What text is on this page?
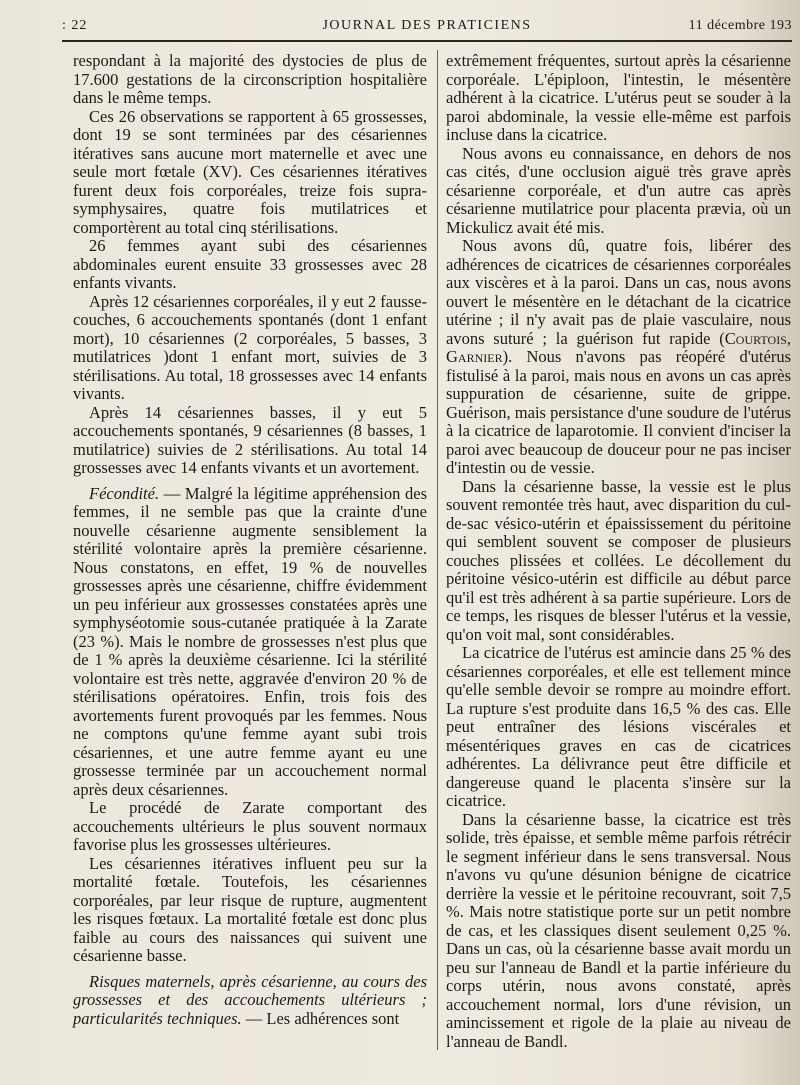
: 22	JOURNAL DES PRATICIENS	11 décembre 193

respondant à la majorité des dystocies de plus de 17.600 gestations de la circonscription hospitalière dans le même temps.

Ces 26 observations se rapportent à 65 grossesses, dont 19 se sont terminées par des césariennes itératives sans aucune mort maternelle et avec une seule mort fœtale (XV). Ces césariennes itératives furent deux fois corporéales, treize fois supra-symphysaires, quatre fois mutilatrices et comportèrent au total cinq stérilisations.

26 femmes ayant subi des césariennes abdominales eurent ensuite 33 grossesses avec 28 enfants vivants.

Après 12 césariennes corporéales, il y eut 2 fausse-couches, 6 accouchements spontanés (dont 1 enfant mort), 10 césariennes (2 corporéales, 5 basses, 3 mutilatrices )dont 1 enfant mort, suivies de 3 stérilisations. Au total, 18 grossesses avec 14 enfants vivants.

Après 14 césariennes basses, il y eut 5 accouchements spontanés, 9 césariennes (8 basses, 1 mutilatrice) suivies de 2 stérilisations. Au total 14 grossesses avec 14 enfants vivants et un avortement.

Fécondité. — Malgré la légitime appréhension des femmes, il ne semble pas que la crainte d'une nouvelle césarienne augmente sensiblement la stérilité volontaire après la première césarienne. Nous constatons, en effet, 19 % de nouvelles grossesses après une césarienne, chiffre évidemment un peu inférieur aux grossesses constatées après une symphyséotomie sous-cutanée pratiquée à la Zarate (23 %). Mais le nombre de grossesses n'est plus que de 1 % après la deuxième césarienne. Ici la stérilité volontaire est très nette, aggravée d'environ 20 % de stérilisations opératoires. Enfin, trois fois des avortements furent provoqués par les femmes. Nous ne comptons qu'une femme ayant subi trois césariennes, et une autre femme ayant eu une grossesse terminée par un accouchement normal après deux césariennes.

Le procédé de Zarate comportant des accouchements ultérieurs le plus souvent normaux favorise plus les grossesses ultérieures.

Les césariennes itératives influent peu sur la mortalité fœtale. Toutefois, les césariennes corporéales, par leur risque de rupture, augmentent les risques fœtaux. La mortalité fœtale est donc plus faible au cours des naissances qui suivent une césarienne basse.

Risques maternels, après césarienne, au cours des grossesses et des accouchements ultérieurs ; particularités techniques. — Les adhérences sont

extrêmement fréquentes, surtout après la césarienne corporéale. L'épiploon, l'intestin, le mésentère adhérent à la cicatrice. L'utérus peut se souder à la paroi abdominale, la vessie elle-même est parfois incluse dans la cicatrice.

Nous avons eu connaissance, en dehors de nos cas cités, d'une occlusion aiguë très grave après césarienne corporéale, et d'un autre cas après césarienne mutilatrice pour placenta prævia, où un Mickulicz avait été mis.

Nous avons dû, quatre fois, libérer des adhérences de cicatrices de césariennes corporéales aux viscères et à la paroi. Dans un cas, nous avons ouvert le mésentère en le détachant de la cicatrice utérine ; il n'y avait pas de plaie vasculaire, nous avons suturé ; la guérison fut rapide (Courtois, Garnier). Nous n'avons pas réopéré d'utérus fistulisé à la paroi, mais nous en avons un cas après suppuration de césarienne, suite de grippe. Guérison, mais persistance d'une soudure de l'utérus à la cicatrice de laparotomie. Il convient d'inciser la paroi avec beaucoup de douceur pour ne pas inciser d'intestin ou de vessie.

Dans la césarienne basse, la vessie est le plus souvent remontée très haut, avec disparition du cul-de-sac vésico-utérin et épaississement du péritoine qui semblent souvent se composer de plusieurs couches plissées et collées. Le décollement du péritoine vésico-utérin est difficile au début parce qu'il est très adhérent à sa partie supérieure. Lors de ce temps, les risques de blesser l'utérus et la vessie, qu'on voit mal, sont considérables.

La cicatrice de l'utérus est amincie dans 25 % des césariennes corporéales, et elle est tellement mince qu'elle semble devoir se rompre au moindre effort. La rupture s'est produite dans 16,5 % des cas. Elle peut entraîner des lésions viscérales et mésentériques graves en cas de cicatrices adhérentes. La délivrance peut être difficile et dangereuse quand le placenta s'insère sur la cicatrice.

Dans la césarienne basse, la cicatrice est très solide, très épaisse, et semble même parfois rétrécir le segment inférieur dans le sens transversal. Nous n'avons vu qu'une désunion bénigne de cicatrice derrière la vessie et le péritoine recouvrant, soit 7,5 %. Mais notre statistique porte sur un petit nombre de cas, et les classiques disent seulement 0,25 %. Dans un cas, où la césarienne basse avait mordu un peu sur l'anneau de Bandl et la partie inférieure du corps utérin, nous avons constaté, après accouchement normal, lors d'une révision, un amincissement et rigole de la plaie au niveau de l'anneau de Bandl.
